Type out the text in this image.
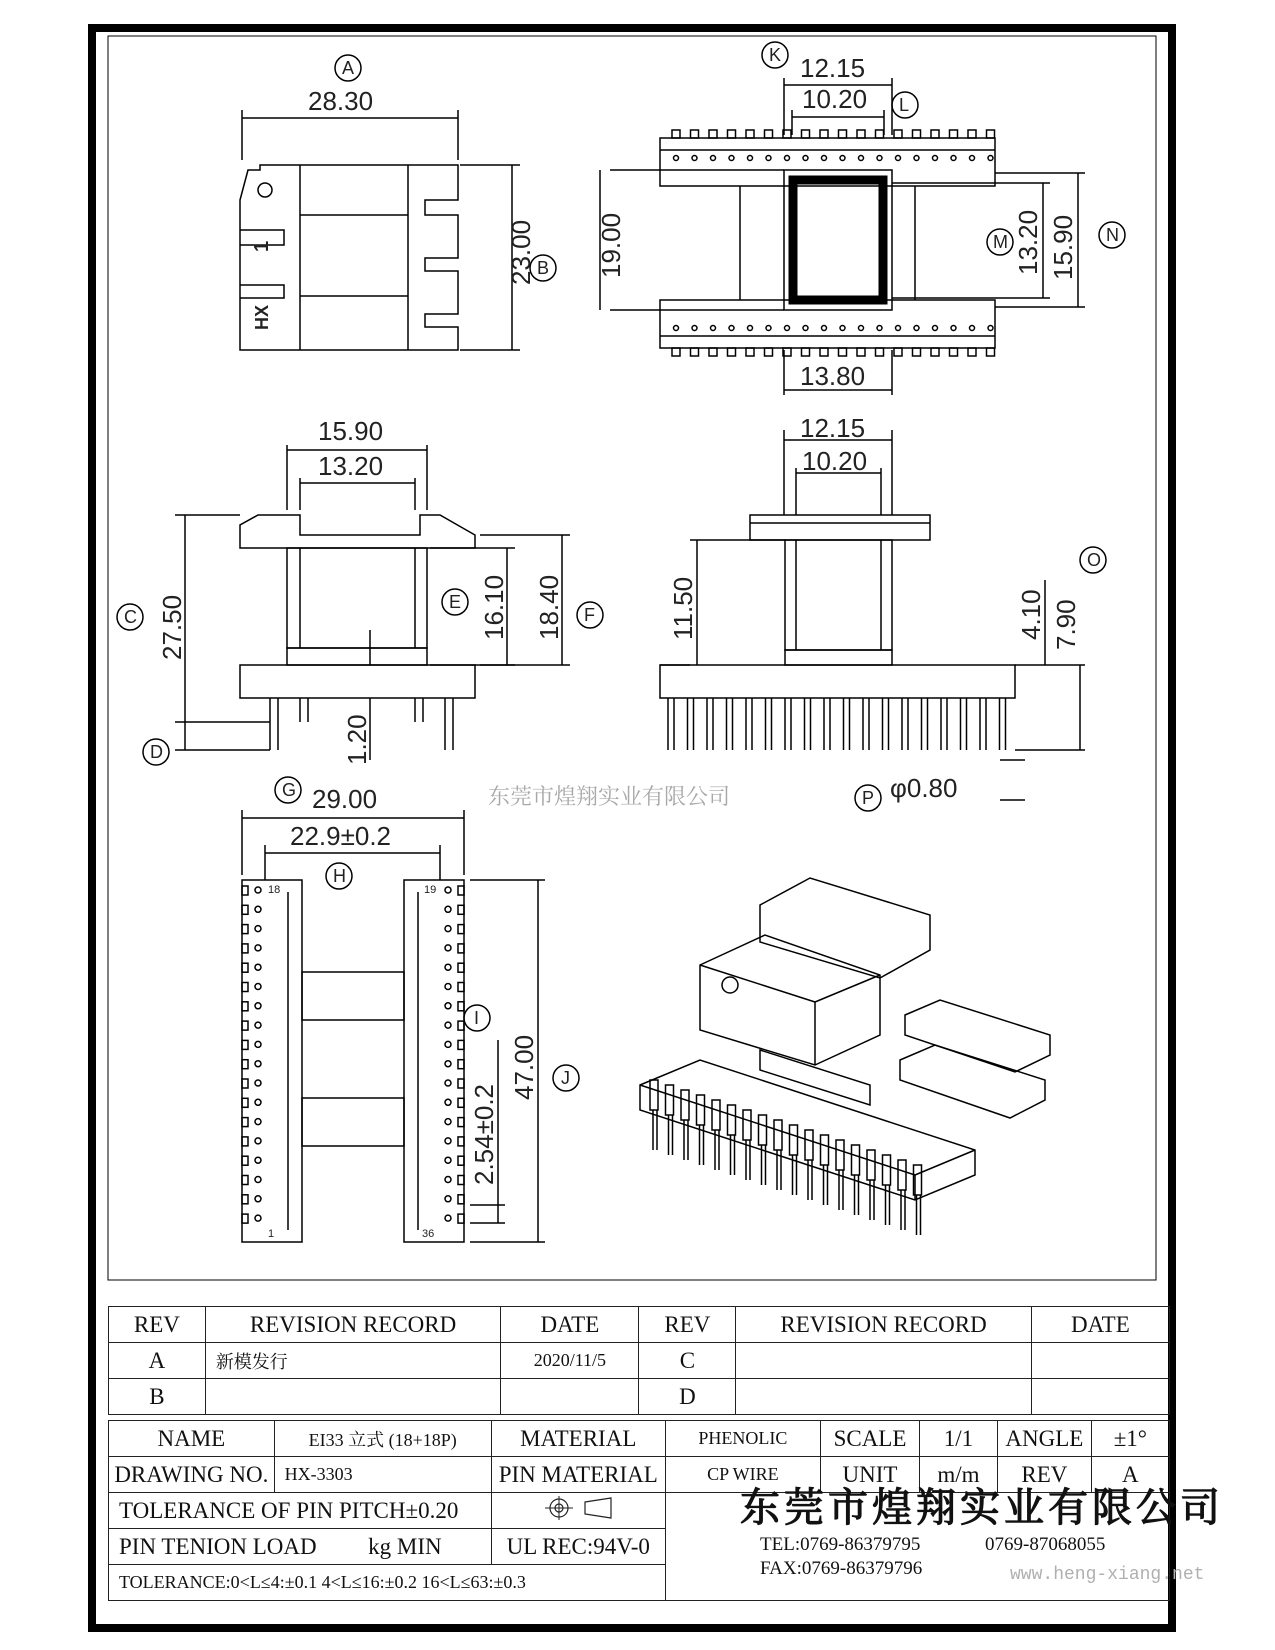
28.30
23.00
1
HX
A
B
12.15
10.20
19.00	13.20 15.90
13.80
K
L
M	N
15.90
13.20
27.50	16.10 18.40
1.20
C
D
E
F
12.15
10.20
11.50	4.10 7.90
φ0.80
O
P
29.00
22.9±0.2
47.00
2.54±0.2
18	19
1	36
G
H
I
J
东莞市煌翔实业有限公司
REV	REVISION RECORD	DATE	REV	REVISION RECORD	DATE
A	新模发行	2020/11/5	C		
B			D		
NAME	EI33 立式 (18+18P)	MATERIAL	PHENOLIC	SCALE	1/1	ANGLE	±1°
DRAWING NO.	HX-3303	PIN MATERIAL	CP WIRE	UNIT	m/m	REV	A
TOLERANCE OF PIN PITCH±0.20		
PIN TENION LOAD kg MIN		UL REC:94V-0					
TOLERANCE:0<L≤4:±0.1 4<L≤16:±0.2 16<L≤63:±0.3							
东莞市煌翔实业有限公司
TEL:0769-86379795	0769-87068055
FAX:0769-86379796	www.heng-xiang.net
